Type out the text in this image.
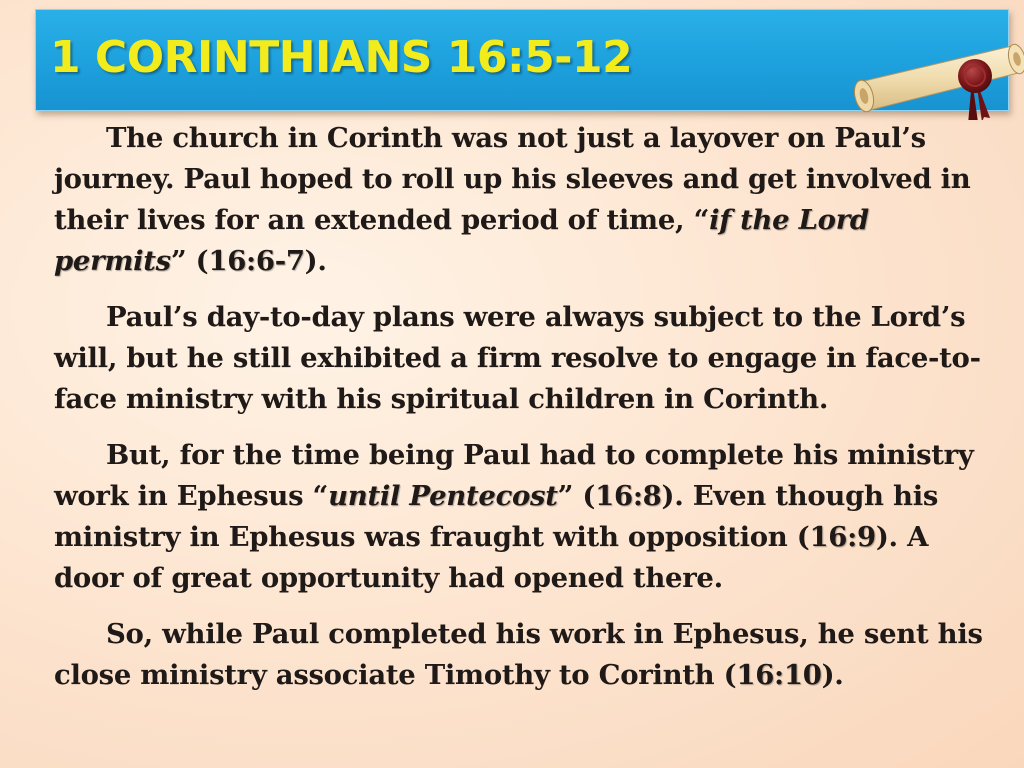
1 CORINTHIANS 16:5-12

The church in Corinth was not just a layover on Paul’s journey. Paul hoped to roll up his sleeves and get involved in their lives for an extended period of time, “if the Lord permits” (16:6-7).

Paul’s day-to-day plans were always subject to the Lord’s will, but he still exhibited a firm resolve to engage in face-to-face ministry with his spiritual children in Corinth.

But, for the time being Paul had to complete his ministry work in Ephesus “until Pentecost” (16:8). Even though his ministry in Ephesus was fraught with opposition (16:9). A door of great opportunity had opened there.

So, while Paul completed his work in Ephesus, he sent his close ministry associate Timothy to Corinth (16:10).
